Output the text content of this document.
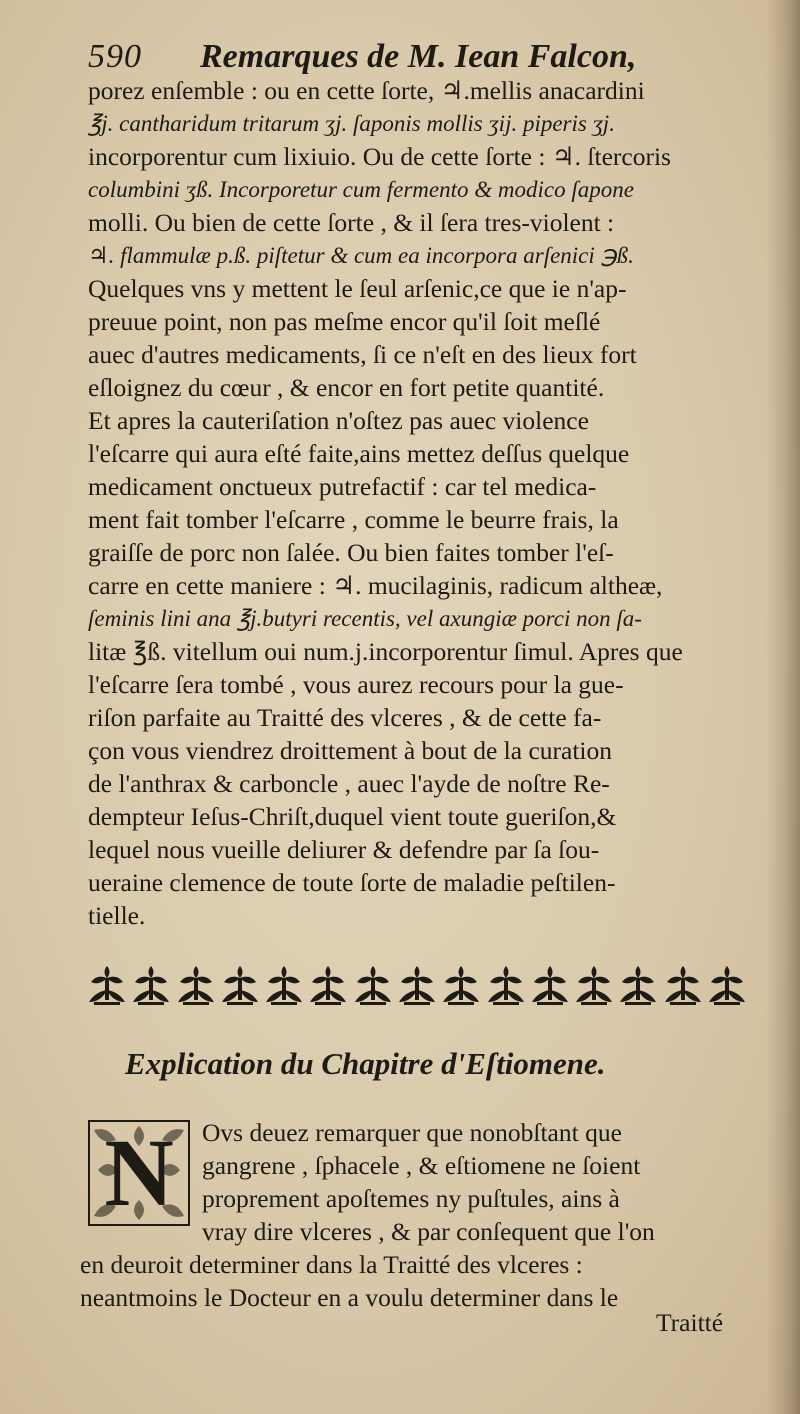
590 Remarques de M. Iean Falcon,
porez enſemble : ou en cette ſorte, ♃.mellis anacardini
℥j. cantharidum tritarum ʒj. ſaponis mollis ʒij. piperis ʒj.
incorporentur cum lixiuio. Ou de cette ſorte : ♃. ſtercoris
columbini ʒß. Incorporetur cum fermento & modico ſapone
molli. Ou bien de cette ſorte , & il ſera tres-violent :
♃. flammulæ p.ß. piſtetur & cum ea incorpora arſenici ℈ß.
Quelques vns y mettent le ſeul arſenic,ce que ie n'ap-
preuue point, non pas meſme encor qu'il ſoit meſlé
auec d'autres medicaments, ſi ce n'eſt en des lieux fort
eſloignez du cœur , & encor en fort petite quantité.
Et apres la cauteriſation n'oſtez pas auec violence
l'eſcarre qui aura eſté faite,ains mettez deſſus quelque
medicament onctueux putrefactif : car tel medica-
ment fait tomber l'eſcarre , comme le beurre frais, la
graiſſe de porc non ſalée. Ou bien faites tomber l'eſ-
carre en cette maniere : ♃. mucilaginis, radicum altheæ,
ſeminis lini ana ℥j.butyri recentis, vel axungiæ porci non ſa-
litæ ℥ß. vitellum oui num.j.incorporentur ſimul. Apres que
l'eſcarre ſera tombé , vous aurez recours pour la gue-
riſon parfaite au Traitté des vlceres , & de cette fa-
çon vous viendrez droittement à bout de la curation
de l'anthrax & carboncle , auec l'ayde de noſtre Re-
dempteur Ieſus-Chriſt,duquel vient toute gueriſon,&
lequel nous vueille deliurer & defendre par ſa ſou-
ueraine clemence de toute ſorte de maladie peſtilen-
tielle.
Explication du Chapitre d'Eſtiomene.
N	Ovs deuez remarquer que nonobſtant que
gangrene , ſphacele , & eſtiomene ne ſoient
proprement apoſtemes ny puſtules, ains à
vray dire vlceres , & par conſequent que l'on
en deuroit determiner dans la Traitté des vlceres :
neantmoins le Docteur en a voulu determiner dans le
Traitté
